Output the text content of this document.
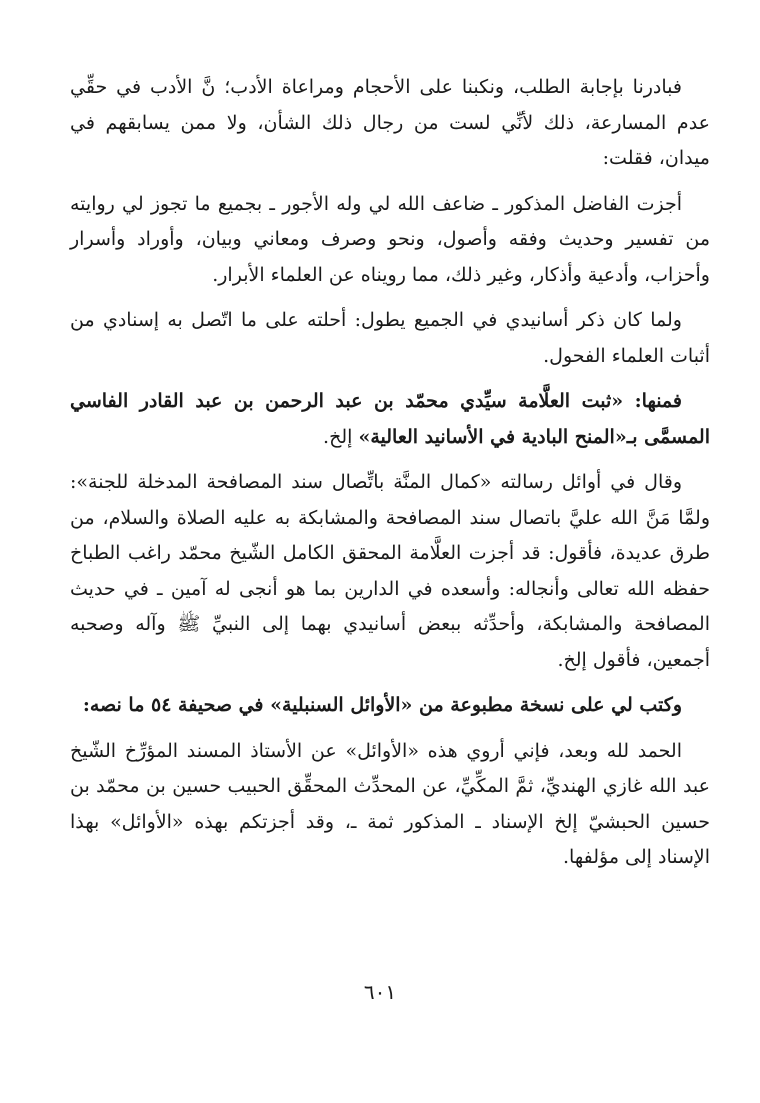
فبادرنا بإجابة الطلب، ونكبنا على الأحجام ومراعاة الأدب؛ نَّ الأدب في حقِّي عدم المسارعة، ذلك لأنِّي لست من رجال ذلك الشأن، ولا ممن يسابقهم في ميدان، فقلت:

أجزت الفاضل المذكور ـ ضاعف الله لي وله الأجور ـ بجميع ما تجوز لي روايته من تفسير وحديث وفقه وأصول، ونحو وصرف ومعاني وبيان، وأوراد وأسرار وأحزاب، وأدعية وأذكار، وغير ذلك، مما رويناه عن العلماء الأبرار.

ولما كان ذكر أسانيدي في الجميع يطول: أحلته على ما اتّصل به إسنادي من أثبات العلماء الفحول.

فمنها: «ثبت العلَّامة سيِّدي محمّد بن عبد الرحمن بن عبد القادر الفاسي المسمَّى بـ«المنح البادية في الأسانيد العالية» إلخ.

وقال في أوائل رسالته «كمال المنَّة باتِّصال سند المصافحة المدخلة للجنة»: ولمَّا مَنَّ الله عليَّ باتصال سند المصافحة والمشابكة به عليه الصلاة والسلام، من طرق عديدة، فأقول: قد أجزت العلَّامة المحقق الكامل الشّيخ محمّد راغب الطباخ حفظه الله تعالى وأنجاله: وأسعده في الدارين بما هو أنجى له آمين ـ في حديث المصافحة والمشابكة، وأحدِّثه ببعض أسانيدي بهما إلى النبيِّ ﷺ وآله وصحبه أجمعين، فأقول إلخ.

وكتب لي على نسخة مطبوعة من «الأوائل السنبلية» في صحيفة ٥٤ ما نصه:

الحمد لله وبعد، فإني أروي هذه «الأوائل» عن الأستاذ المسند المؤرِّخ الشّيخ عبد الله غازي الهنديِّ، ثمَّ المكِّيِّ، عن المحدِّث المحقِّق الحبيب حسين بن محمّد بن حسين الحبشيّ إلخ الإسناد ـ المذكور ثمة ـ، وقد أجزتكم بهذه «الأوائل» بهذا الإسناد إلى مؤلفها.

٦٠١
